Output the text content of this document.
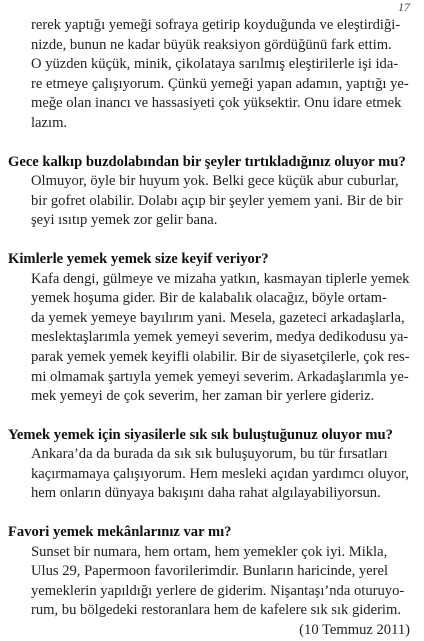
17
rerek yaptığı yemeği sofraya getirip koyduğunda ve eleştirdiği-
nizde, bunun ne kadar büyük reaksiyon gördüğünü fark ettim.
O yüzden küçük, minik, çikolataya sarılmış eleştirilerle işi ida-
re etmeye çalışıyorum. Çünkü yemeği yapan adamın, yaptığı ye-
meğe olan inancı ve hassasiyeti çok yüksektir. Onu idare etmek
lazım.
Gece kalkıp buzdolabından bir şeyler tırtıkladığınız oluyor mu?
Olmuyor, öyle bir huyum yok. Belki gece küçük abur cuburlar,
bir gofret olabilir. Dolabı açıp bir şeyler yemem yani. Bir de bir
şeyi ısıtıp yemek zor gelir bana.
Kimlerle yemek yemek size keyif veriyor?
Kafa dengi, gülmeye ve mizaha yatkın, kasmayan tiplerle yemek
yemek hoşuma gider. Bir de kalabalık olacağız, böyle ortam-
da yemek yemeye bayılırım yani. Mesela, gazeteci arkadaşlarla,
meslektaşlarımla yemek yemeyi severim, medya dedikodusu ya-
parak yemek yemek keyifli olabilir. Bir de siyasetçilerle, çok res-
mi olmamak şartıyla yemek yemeyi severim. Arkadaşlarımla ye-
mek yemeyi de çok severim, her zaman bir yerlere gideriz.
Yemek yemek için siyasilerle sık sık buluştuğunuz oluyor mu?
Ankara’da da burada da sık sık buluşuyorum, bu tür fırsatları
kaçırmamaya çalışıyorum. Hem mesleki açıdan yardımcı oluyor,
hem onların dünyaya bakışını daha rahat algılayabiliyorsun.
Favori yemek mekânlarınız var mı?
Sunset bir numara, hem ortam, hem yemekler çok iyi. Mikla,
Ulus 29, Papermoon favorilerimdir. Bunların haricinde, yerel
yemeklerin yapıldığı yerlere de giderim. Nişantaşı’nda oturuyo-
rum, bu bölgedeki restoranlara hem de kafelere sık sık giderim.
(10 Temmuz 2011)
